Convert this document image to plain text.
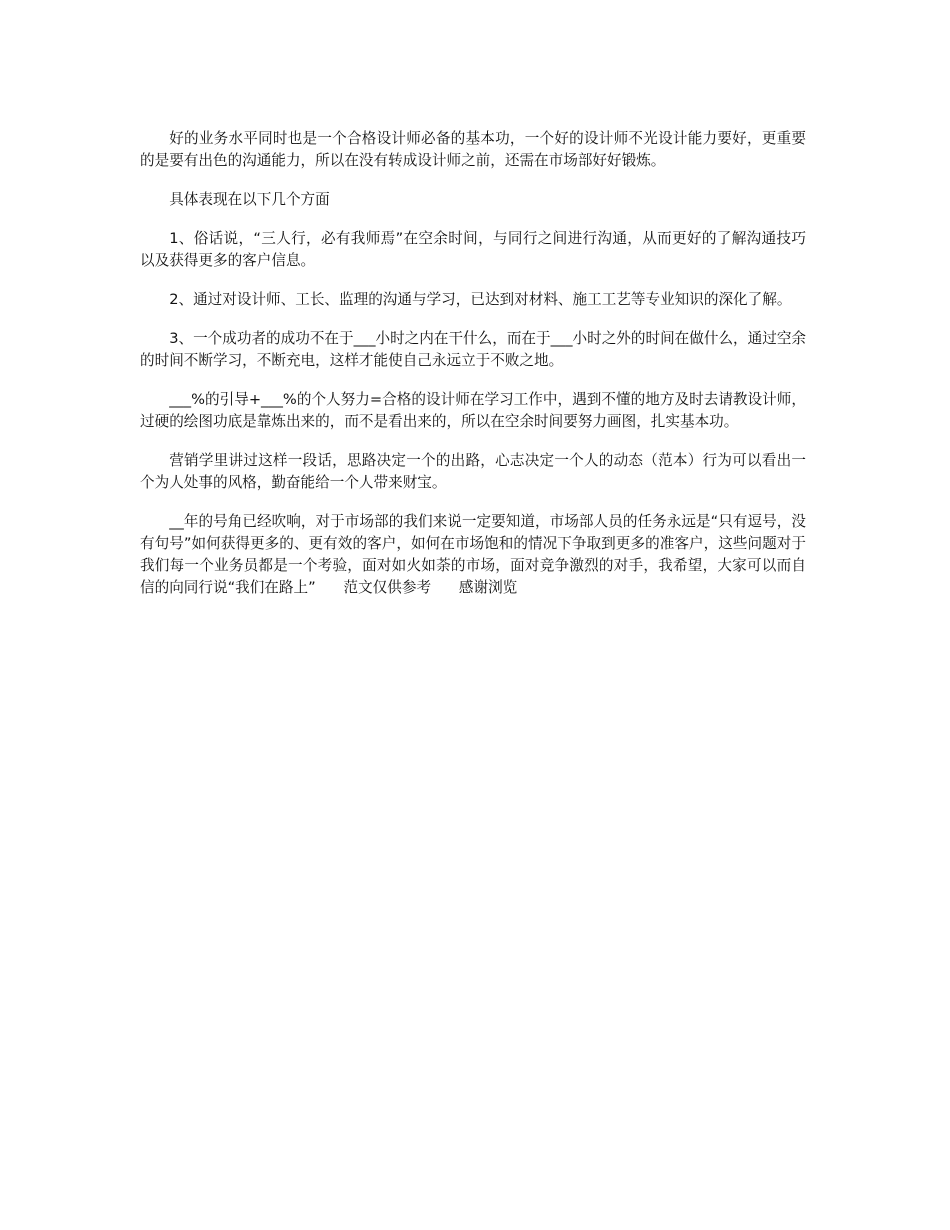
好的业务水平同时也是一个合格设计师必备的基本功，一个好的设计师不光设计能力要好，更重要的是要有出色的沟通能力，所以在没有转成设计师之前，还需在市场部好好锻炼。

具体表现在以下几个方面

1、俗话说，“三人行，必有我师焉”在空余时间，与同行之间进行沟通，从而更好的了解沟通技巧以及获得更多的客户信息。

2、通过对设计师、工长、监理的沟通与学习，已达到对材料、施工工艺等专业知识的深化了解。

3、一个成功者的成功不在于___小时之内在干什么，而在于___小时之外的时间在做什么，通过空余的时间不断学习，不断充电，这样才能使自己永远立于不败之地。

___%的引导+___%的个人努力=合格的设计师在学习工作中，遇到不懂的地方及时去请教设计师，过硬的绘图功底是靠炼出来的，而不是看出来的，所以在空余时间要努力画图，扎实基本功。

营销学里讲过这样一段话，思路决定一个的出路，心志决定一个人的动态（范本）行为可以看出一个为人处事的风格，勤奋能给一个人带来财宝。

__年的号角已经吹响，对于市场部的我们来说一定要知道，市场部人员的任务永远是“只有逗号，没有句号”如何获得更多的、更有效的客户，如何在市场饱和的情况下争取到更多的准客户，这些问题对于我们每一个业务员都是一个考验，面对如火如荼的市场，面对竞争激烈的对手，我希望，大家可以而自信的向同行说“我们在路上”      范文仅供参考      感谢浏览
